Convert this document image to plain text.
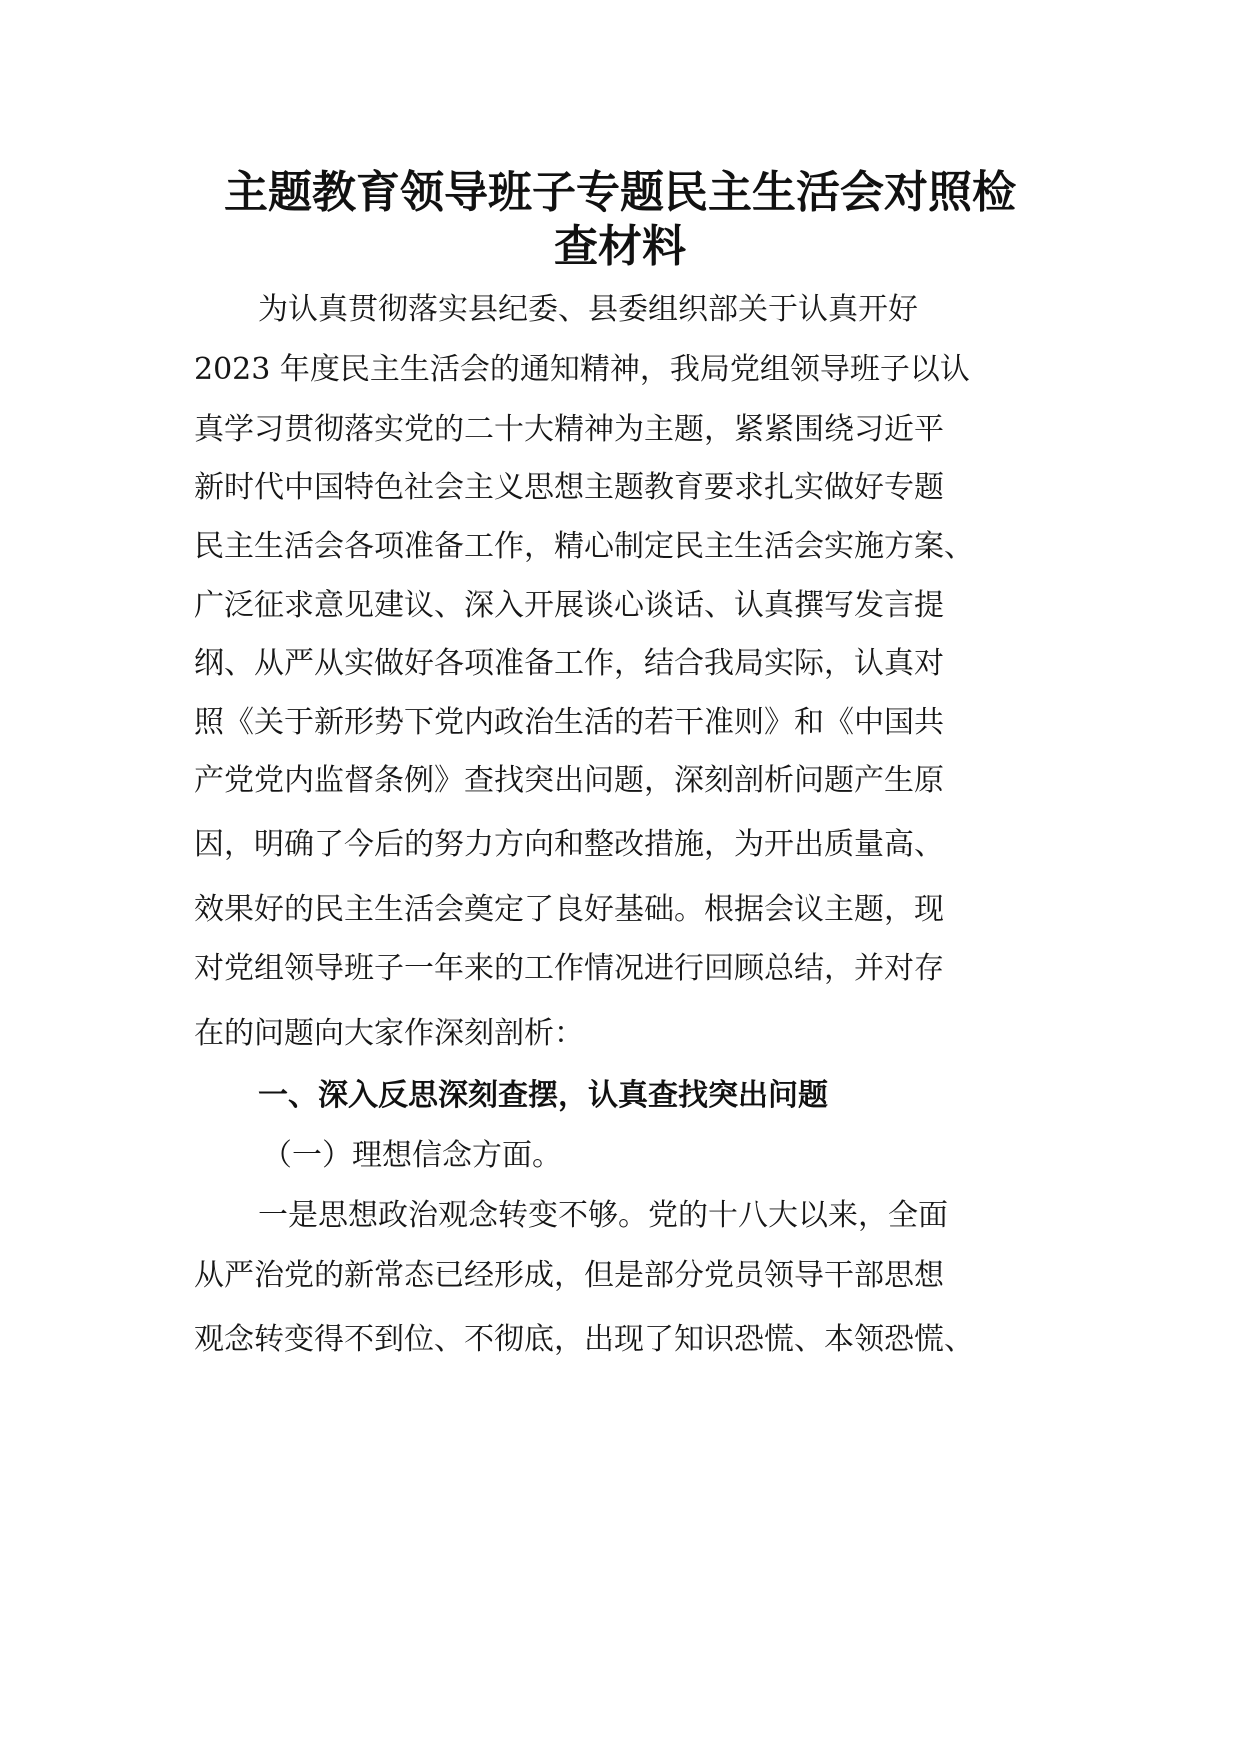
主题教育领导班子专题民主生活会对照检
查材料
为认真贯彻落实县纪委、县委组织部关于认真开好
2023 年度民主生活会的通知精神，我局党组领导班子以认
真学习贯彻落实党的二十大精神为主题，紧紧围绕习近平
新时代中国特色社会主义思想主题教育要求扎实做好专题
民主生活会各项准备工作，精心制定民主生活会实施方案、
广泛征求意见建议、深入开展谈心谈话、认真撰写发言提
纲、从严从实做好各项准备工作，结合我局实际，认真对
照《关于新形势下党内政治生活的若干准则》和《中国共
产党党内监督条例》查找突出问题，深刻剖析问题产生原
因，明确了今后的努力方向和整改措施，为开出质量高、
效果好的民主生活会奠定了良好基础。根据会议主题，现
对党组领导班子一年来的工作情况进行回顾总结，并对存
在的问题向大家作深刻剖析：
一、深入反思深刻查摆，认真查找突出问题
（一）理想信念方面。
一是思想政治观念转变不够。党的十八大以来，全面
从严治党的新常态已经形成，但是部分党员领导干部思想
观念转变得不到位、不彻底，出现了知识恐慌、本领恐慌、
